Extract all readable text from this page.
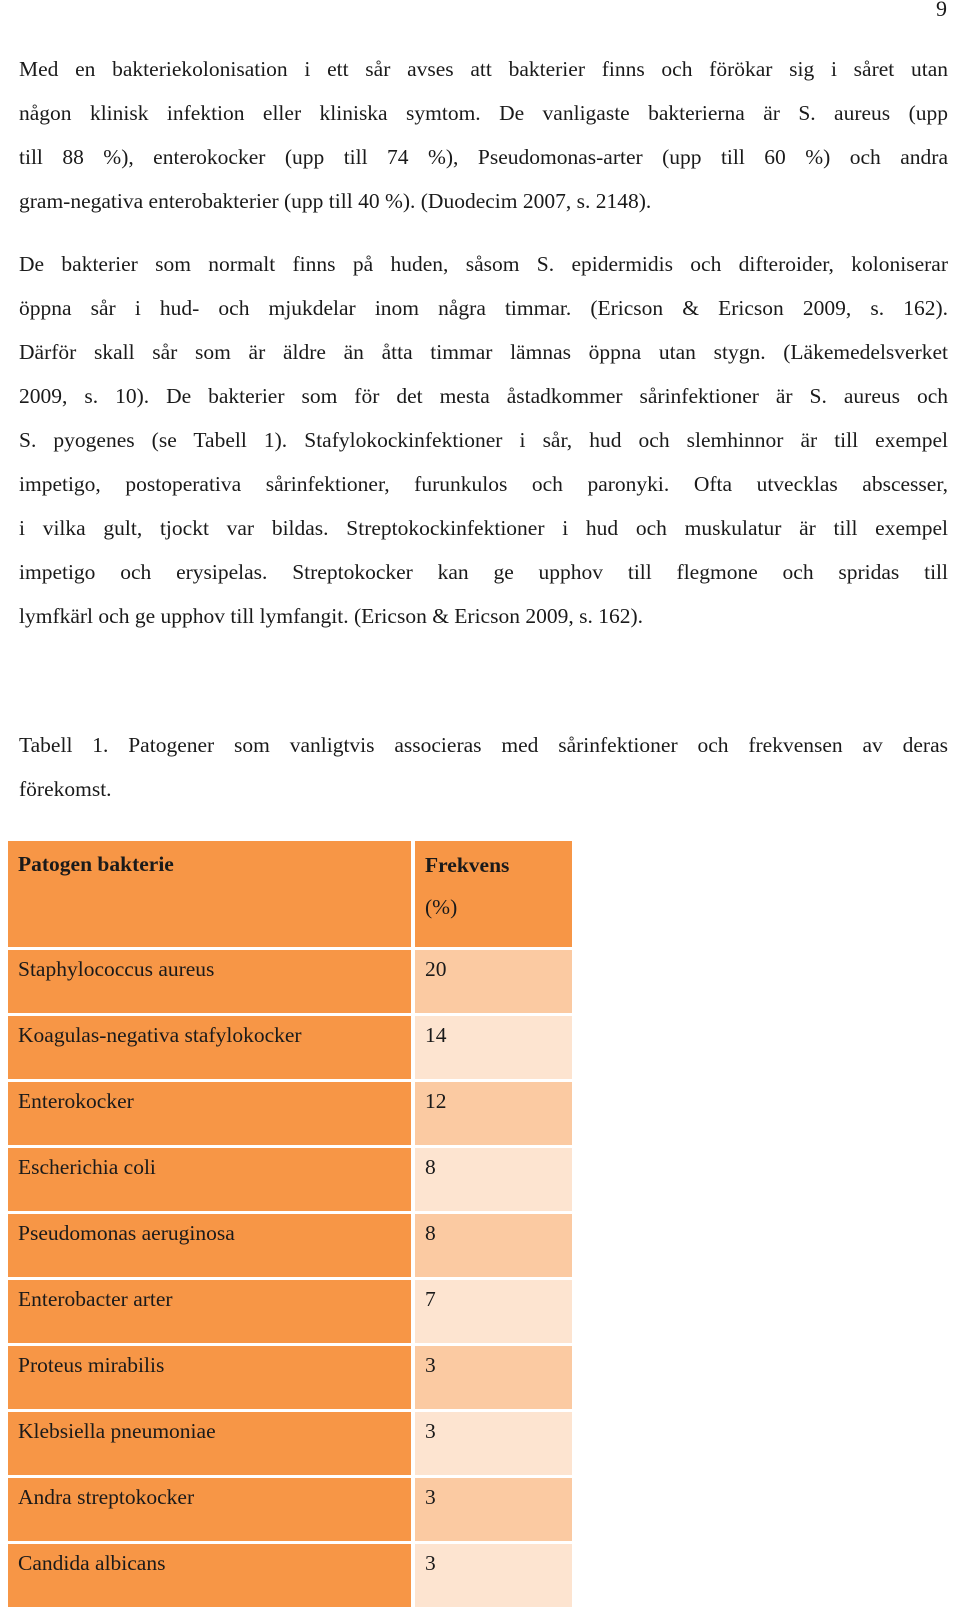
9
Med en bakteriekolonisation i ett sår avses att bakterier finns och förökar sig i såret utan
någon klinisk infektion eller kliniska symtom. De vanligaste bakterierna är S. aureus (upp
till 88 %), enterokocker (upp till 74 %), Pseudomonas-arter (upp till 60 %) och andra
gram-negativa enterobakterier (upp till 40 %). (Duodecim 2007, s. 2148).
De bakterier som normalt finns på huden, såsom S. epidermidis och difteroider, koloniserar
öppna sår i hud- och mjukdelar inom några timmar. (Ericson & Ericson 2009, s. 162).
Därför skall sår som är äldre än åtta timmar lämnas öppna utan stygn. (Läkemedelsverket
2009, s. 10). De bakterier som för det mesta åstadkommer sårinfektioner är S. aureus och
S. pyogenes (se Tabell 1). Stafylokockinfektioner i sår, hud och slemhinnor är till exempel
impetigo, postoperativa sårinfektioner, furunkulos och paronyki. Ofta utvecklas abscesser,
i vilka gult, tjockt var bildas. Streptokockinfektioner i hud och muskulatur är till exempel
impetigo och erysipelas. Streptokocker kan ge upphov till flegmone och spridas till
lymfkärl och ge upphov till lymfangit. (Ericson & Ericson 2009, s. 162).
Tabell 1. Patogener som vanligtvis associeras med sårinfektioner och frekvensen av deras
förekomst.
Patogen bakterie	Frekvens
(%)
Staphylococcus aureus	20
Koagulas-negativa stafylokocker	14
Enterokocker	12
Escherichia coli	8
Pseudomonas aeruginosa	8
Enterobacter arter	7
Proteus mirabilis	3
Klebsiella pneumoniae	3
Andra streptokocker	3
Candida albicans	3
